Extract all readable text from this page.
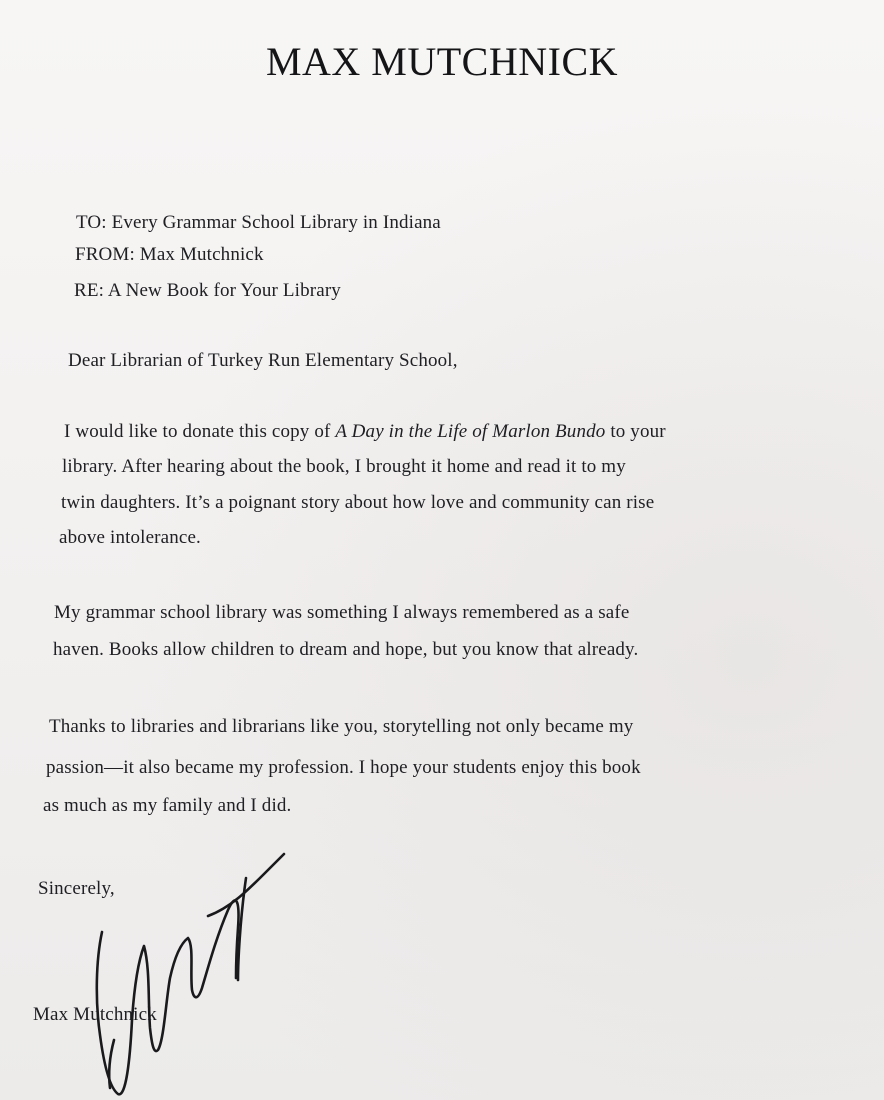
MAX MUTCHNICK
TO: Every Grammar School Library in Indiana
FROM: Max Mutchnick
RE: A New Book for Your Library
Dear Librarian of Turkey Run Elementary School,
I would like to donate this copy of A Day in the Life of Marlon Bundo to your
library. After hearing about the book, I brought it home and read it to my
twin daughters. It’s a poignant story about how love and community can rise
above intolerance.
My grammar school library was something I always remembered as a safe
haven. Books allow children to dream and hope, but you know that already.
Thanks to libraries and librarians like you, storytelling not only became my
passion—it also became my profession. I hope your students enjoy this book
as much as my family and I did.
Sincerely,
Max Mutchnick
